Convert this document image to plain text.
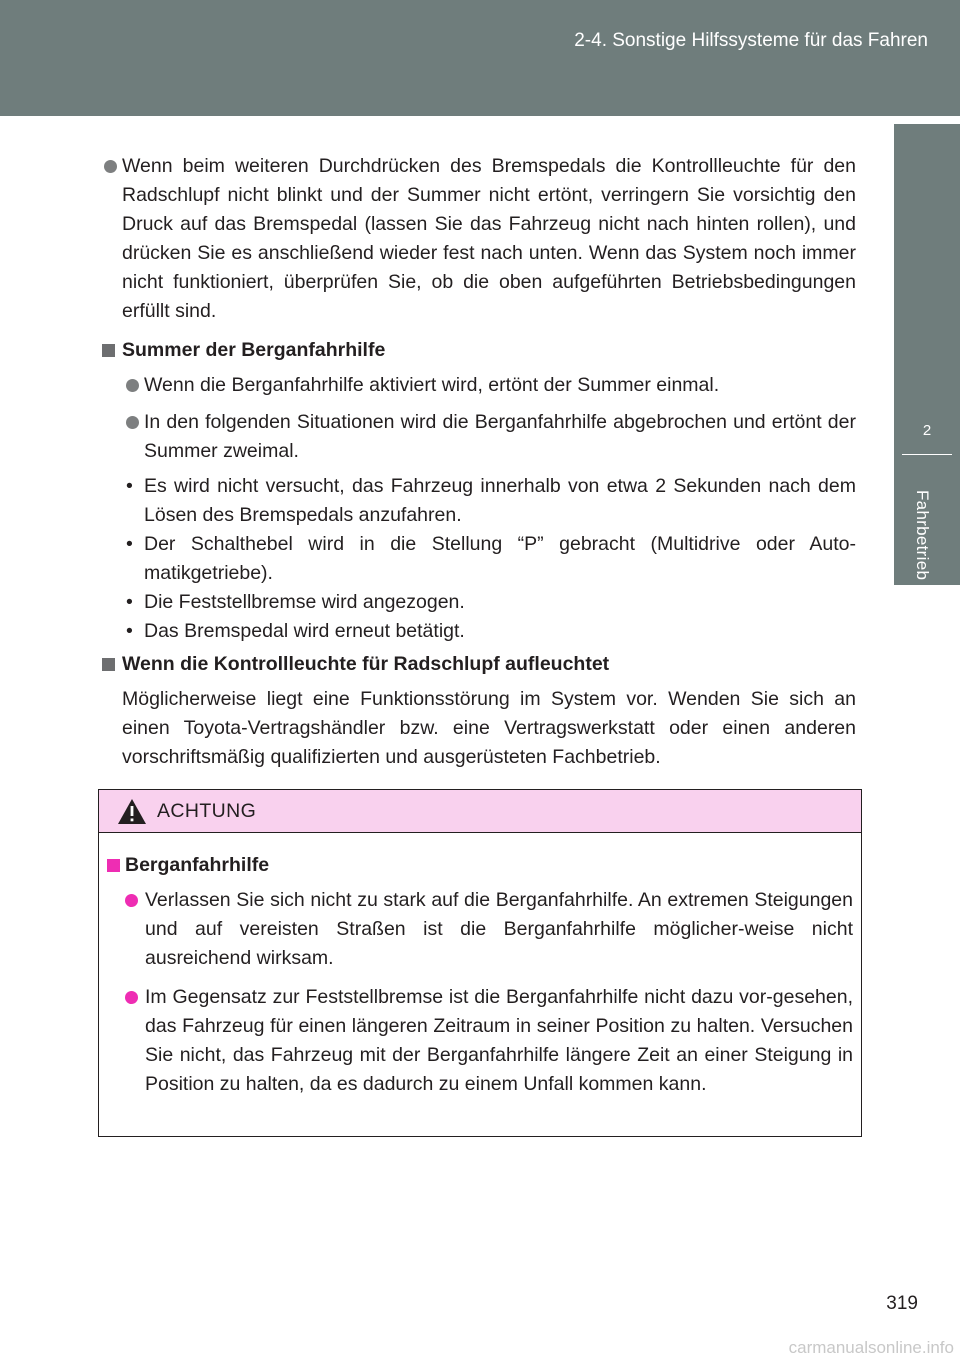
2-4. Sonstige Hilfssysteme für das Fahren
2
Fahrbetrieb
Wenn beim weiteren Durchdrücken des Bremspedals die Kontrollleuchte für den Radschlupf nicht blinkt und der Summer nicht ertönt, verringern Sie vorsichtig den Druck auf das Bremspedal (lassen Sie das Fahrzeug nicht nach hinten rollen), und drücken Sie es anschließend wieder fest nach unten. Wenn das System noch immer nicht funktioniert, überprüfen Sie, ob die oben aufgeführten Betriebsbedingungen erfüllt sind.
Summer der Berganfahrhilfe
Wenn die Berganfahrhilfe aktiviert wird, ertönt der Summer einmal.
In den folgenden Situationen wird die Berganfahrhilfe abgebrochen und ertönt der Summer zweimal.
• Es wird nicht versucht, das Fahrzeug innerhalb von etwa 2 Sekunden nach dem Lösen des Bremspedals anzufahren.
• Der Schalthebel wird in die Stellung “P” gebracht (Multidrive oder Auto-matikgetriebe).
• Die Feststellbremse wird angezogen.
• Das Bremspedal wird erneut betätigt.
Wenn die Kontrollleuchte für Radschlupf aufleuchtet
Möglicherweise liegt eine Funktionsstörung im System vor. Wenden Sie sich an einen Toyota-Vertragshändler bzw. eine Vertragswerkstatt oder einen anderen vorschriftsmäßig qualifizierten und ausgerüsteten Fachbetrieb.
ACHTUNG
Berganfahrhilfe
Verlassen Sie sich nicht zu stark auf die Berganfahrhilfe. An extremen Steigungen und auf vereisten Straßen ist die Berganfahrhilfe möglicher-weise nicht ausreichend wirksam.
Im Gegensatz zur Feststellbremse ist die Berganfahrhilfe nicht dazu vor-gesehen, das Fahrzeug für einen längeren Zeitraum in seiner Position zu halten. Versuchen Sie nicht, das Fahrzeug mit der Berganfahrhilfe längere Zeit an einer Steigung in Position zu halten, da es dadurch zu einem Unfall kommen kann.
319
carmanualsonline.info
